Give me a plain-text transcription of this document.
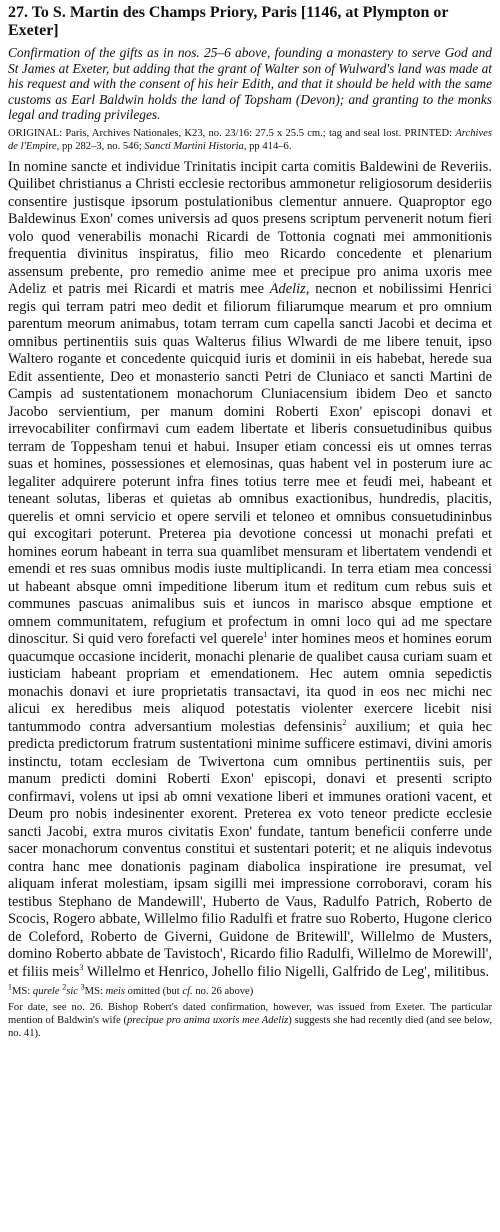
27. To S. Martin des Champs Priory, Paris [1146, at Plympton or Exeter]

Confirmation of the gifts as in nos. 25–6 above, founding a monastery to serve God and St James at Exeter, but adding that the grant of Walter son of Wulward's land was made at his request and with the consent of his heir Edith, and that it should be held with the same customs as Earl Baldwin holds the land of Topsham (Devon); and granting to the monks legal and trading privileges.

ORIGINAL: Paris, Archives Nationales, K23, no. 23/16: 27.5 x 25.5 cm.; tag and seal lost. PRINTED: Archives de l'Empire, pp 282–3, no. 546; Sancti Martini Historia, pp 414–6.

In nomine sancte et individue Trinitatis incipit carta comitis Baldewini de Reveriis. Quilibet christianus a Christi ecclesie rectoribus ammonetur religiosorum desideriis consentire justisque ipsorum postulationibus clementur annuere. Quaproptor ego Baldewinus Exon' comes universis ad quos presens scriptum pervenerit notum fieri volo quod venerabilis monachi Ricardi de Tottonia cognati mei ammonitionis frequentia divinitus inspiratus, filio meo Ricardo concedente et plenarium assensum prebente, pro remedio anime mee et precipue pro anima uxoris mee Adeliz et patris mei Ricardi et matris mee Adeliz, necnon et nobilissimi Henrici regis qui terram patri meo dedit et filiorum filiarumque mearum et pro omnium parentum meorum animabus, totam terram cum capella sancti Jacobi et decima et omnibus pertinentiis suis quas Walterus filius Wlwardi de me libere tenuit, ipso Waltero rogante et concedente quicquid iuris et dominii in eis habebat, herede sua Edit assentiente, Deo et monasterio sancti Petri de Cluniaco et sancti Martini de Campis ad sustentationem monachorum Cluniacensium ibidem Deo et sancto Jacobo servientium, per manum domini Roberti Exon' episcopi donavi et irrevocabiliter confirmavi cum eadem libertate et liberis consuetudinibus quibus terram de Toppesham tenui et habui. Insuper etiam concessi eis ut omnes terras suas et homines, possessiones et elemosinas, quas habent vel in posterum iure ac legaliter adquirere poterunt infra fines totius terre mee et feudi mei, habeant et teneant solutas, liberas et quietas ab omnibus exactionibus, hundredis, placitis, querelis et omni servicio et opere servili et teloneo et omnibus consuetudininbus qui excogitari poterunt. Preterea pia devotione concessi ut monachi prefati et homines eorum habeant in terra sua quamlibet mensuram et libertatem vendendi et emendi et res suas omnibus modis iuste multiplicandi. In terra etiam mea concessi ut habeant absque omni impeditione liberum itum et reditum cum rebus suis et communes pascuas animalibus suis et iuncos in marisco absque emptione et omnem communitatem, refugium et profectum in omni loco qui ad me spectare dinoscitur. Si quid vero forefacti vel querele$^1$ inter homines meos et homines eorum quacumque occasione inciderit, monachi plenarie de qualibet causa curiam suam et iusticiam habeant propriam et emendationem. Hec autem omnia sepedictis monachis donavi et iure proprietatis transactavi, ita quod in eos nec michi nec alicui ex heredibus meis aliquod potestatis violenter exercere licebit nisi tantummodo contra adversantium molestias defensinis$^2$ auxilium; et quia hec predicta predictorum fratrum sustentationi minime sufficere estimavi, divini amoris instinctu, totam ecclesiam de Twivertona cum omnibus pertinentiis suis, per manum predicti domini Roberti Exon' episcopi, donavi et presenti scripto confirmavi, volens ut ipsi ab omni vexatione liberi et immunes orationi vacent, et Deum pro nobis indesinenter exorent. Preterea ex voto teneor predicte ecclesie sancti Jacobi, extra muros civitatis Exon' fundate, tantum beneficii conferre unde sacer monachorum conventus constitui et sustentari poterit; et ne aliquis indevotus contra hanc mee donationis paginam diabolica inspiratione ire presumat, vel aliquam inferat molestiam, ipsam sigilli mei impressione corroboravi, coram his testibus Stephano de Mandewill', Huberto de Vaus, Radulfo Patrich, Roberto de Scocis, Rogero abbate, Willelmo filio Radulfi et fratre suo Roberto, Hugone clerico de Coleford, Roberto de Giverni, Guidone de Britewill', Willelmo de Musters, domino Roberto abbate de Tavistoch', Ricardo filio Radulfi, Willelmo de Morewill', et filiis meis$^3$ Willelmo et Henrico, Johello filio Nigelli, Galfrido de Leg', militibus.

$^1$MS: qurele $^2$sic $^3$MS: meis omitted (but cf. no. 26 above)

For date, see no. 26. Bishop Robert's dated confirmation, however, was issued from Exeter. The particular mention of Baldwin's wife (precipue pro anima uxoris mee Adeliz) suggests she had recently died (and see below, no. 41).
